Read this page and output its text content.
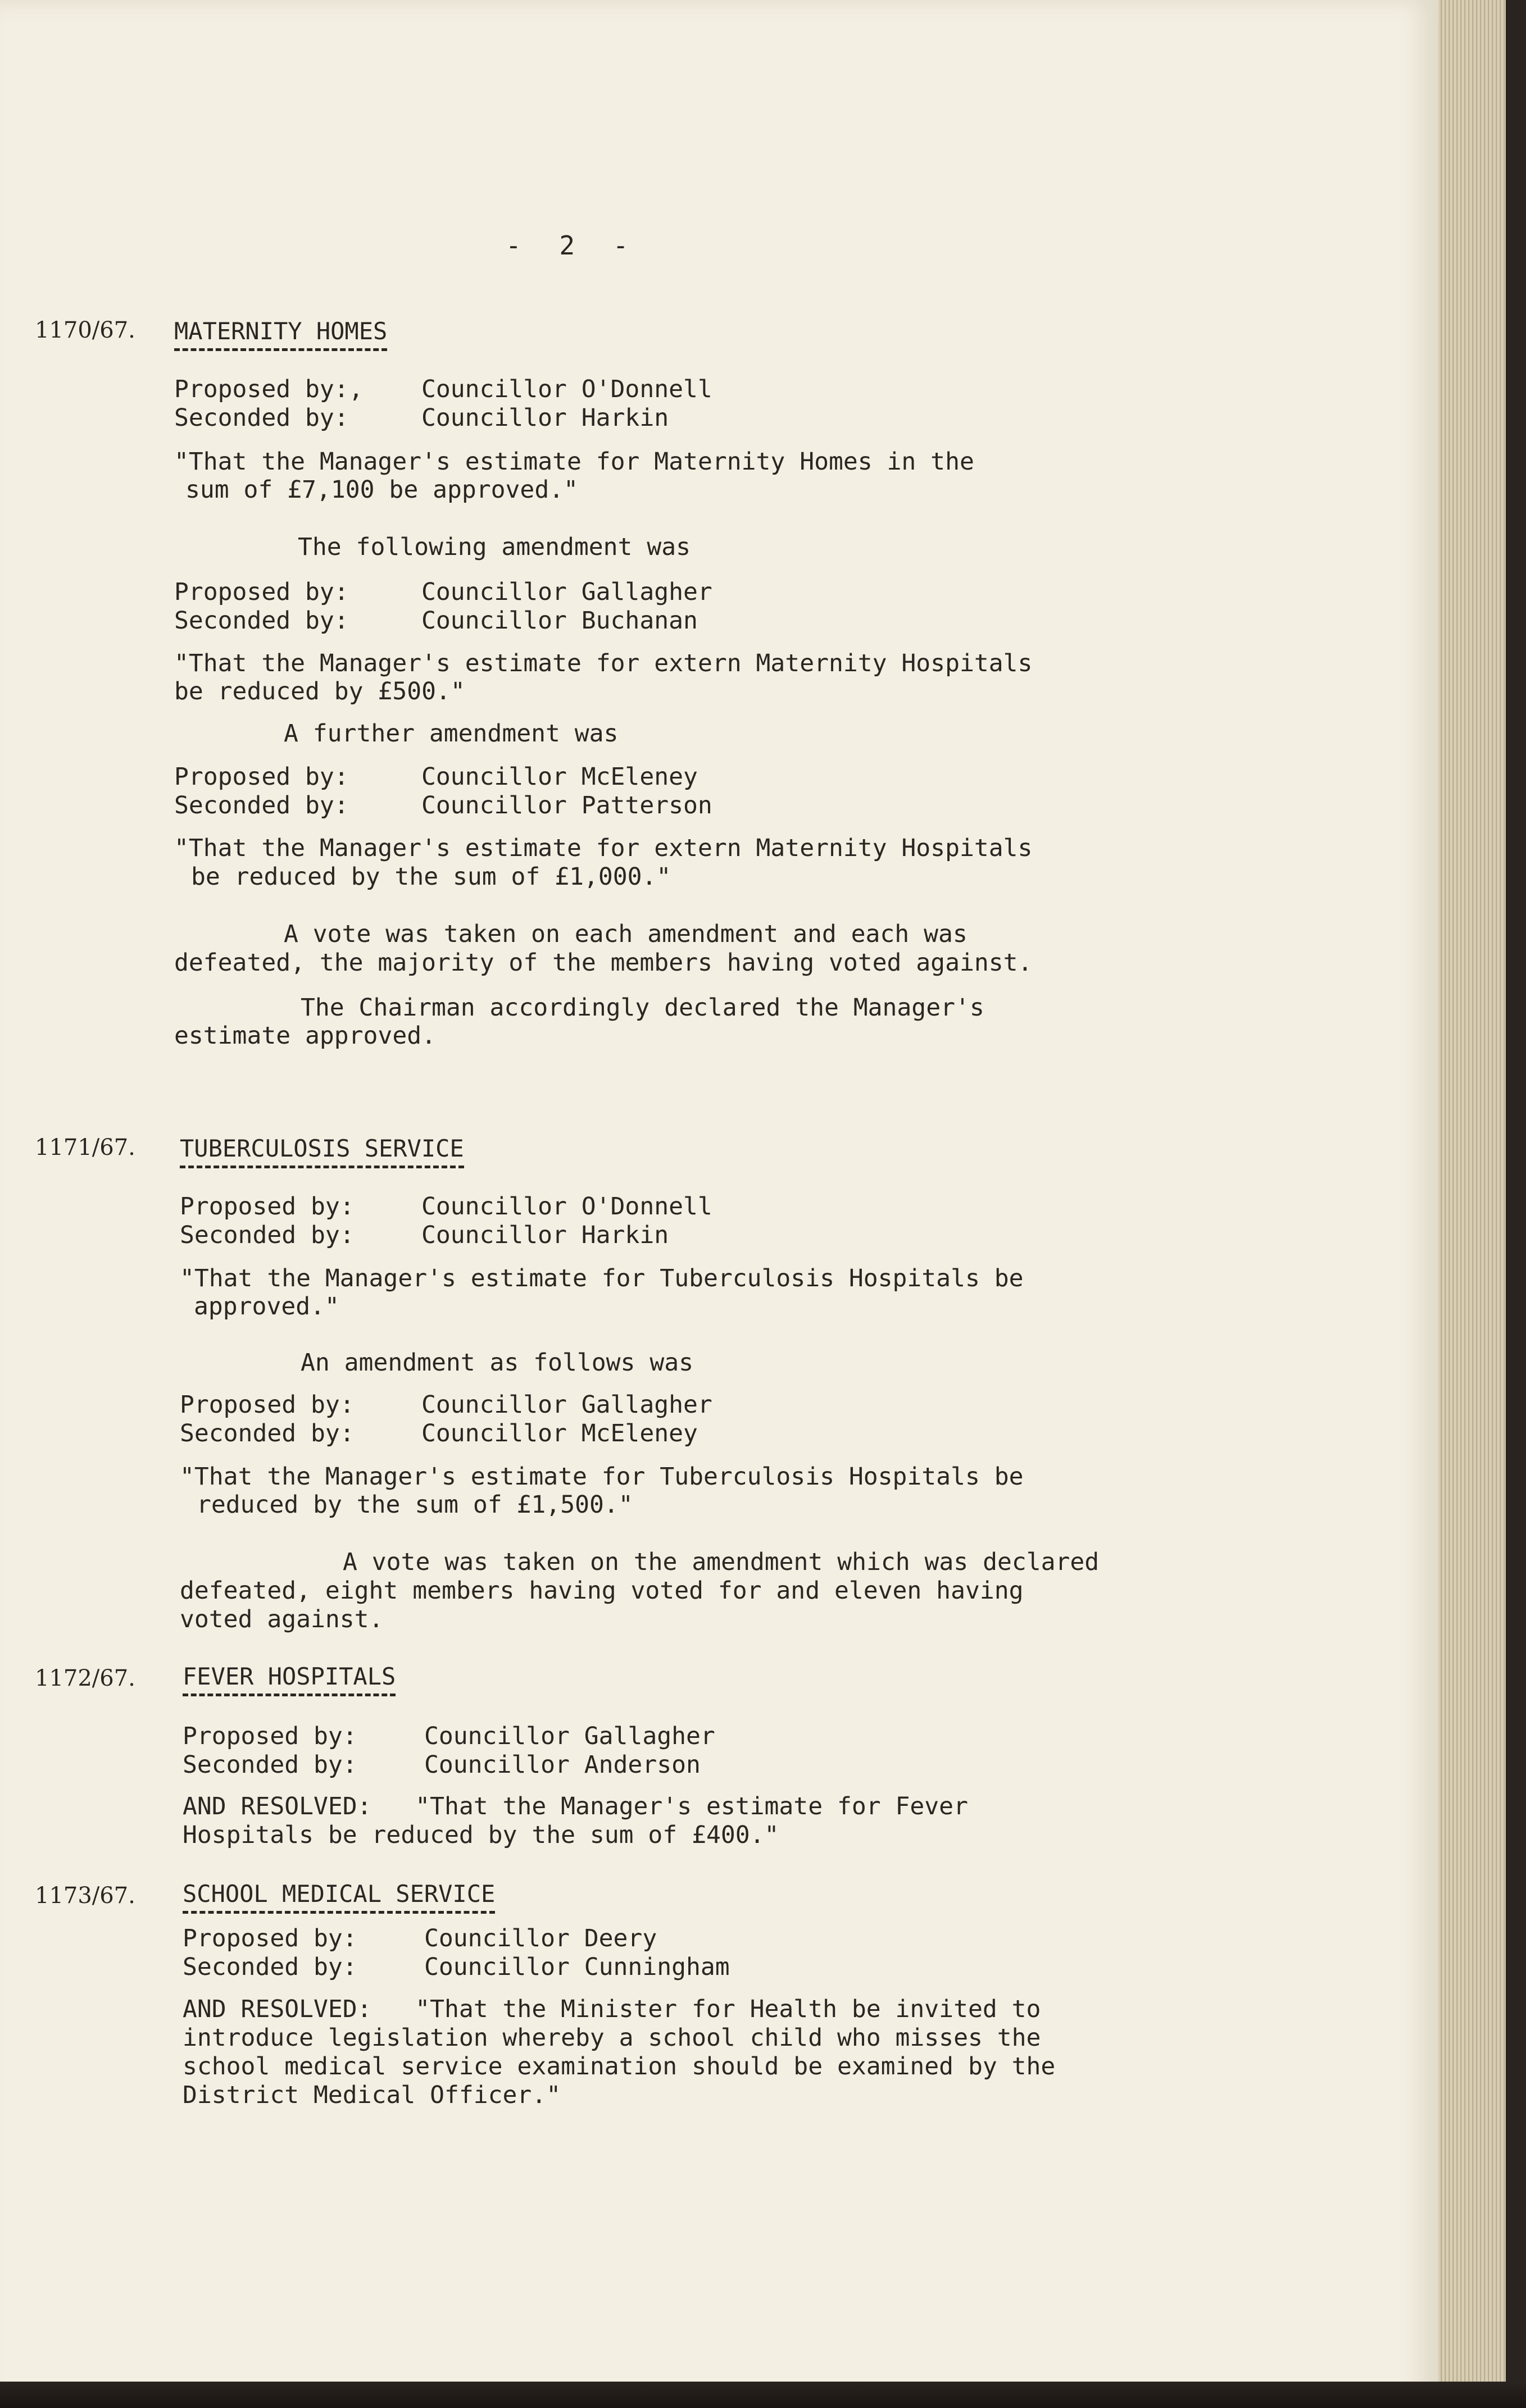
- 2 -
1170/67. MATERNITY HOMES
Proposed by:, Councillor O'Donnell
Seconded by:	Councillor Harkin
"That the Manager's estimate for Maternity Homes in the
sum of £7,100 be approved."
The following amendment was
Proposed by:	Councillor Gallagher
Seconded by:	Councillor Buchanan
"That the Manager's estimate for extern Maternity Hospitals
be reduced by £500."
A further amendment was
Proposed by:	Councillor McEleney
Seconded by:	Councillor Patterson
"That the Manager's estimate for extern Maternity Hospitals
be reduced by the sum of £1,000."
A vote was taken on each amendment and each was
defeated, the majority of the members having voted against.
The Chairman accordingly declared the Manager's
estimate approved.
1171/67. TUBERCULOSIS SERVICE
Proposed by:	Councillor O'Donnell
Seconded by:	Councillor Harkin
"That the Manager's estimate for Tuberculosis Hospitals be
approved."
An amendment as follows was
Proposed by:	Councillor Gallagher
Seconded by:	Councillor McEleney
"That the Manager's estimate for Tuberculosis Hospitals be
reduced by the sum of £1,500."
A vote was taken on the amendment which was declared
defeated, eight members having voted for and eleven having
voted against.
1172/67. FEVER HOSPITALS
Proposed by:	Councillor Gallagher
Seconded by:	Councillor Anderson
AND RESOLVED:   "That the Manager's estimate for Fever
Hospitals be reduced by the sum of £400."
1173/67. SCHOOL MEDICAL SERVICE
Proposed by:	Councillor Deery
Seconded by:	Councillor Cunningham
AND RESOLVED:   "That the Minister for Health be invited to
introduce legislation whereby a school child who misses the
school medical service examination should be examined by the
District Medical Officer."
